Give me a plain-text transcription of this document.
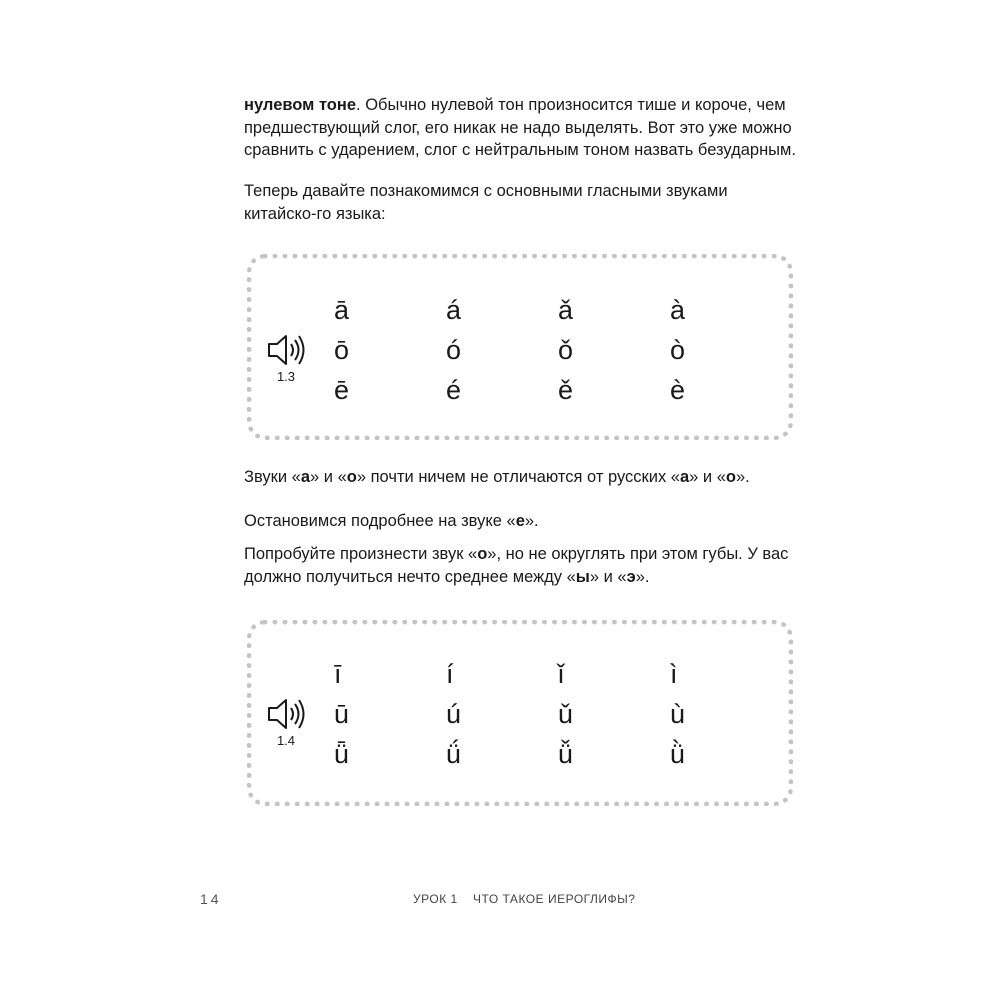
нулевом тоне. Обычно нулевой тон произносится тише и короче, чем предшествующий слог, его никак не надо выделять. Вот это уже можно сравнить с ударением, слог с нейтральным тоном назвать безударным.

Теперь давайте познакомимся с основными гласными звуками китайско-го языка:

1.3
ā	á	ǎ	à
ō	ó	ǒ	ò
ē	é	ě	è

Звуки «а» и «о» почти ничем не отличаются от русских «а» и «о».

Остановимся подробнее на звуке «е».

Попробуйте произнести звук «о», но не округлять при этом губы. У вас должно получиться нечто среднее между «ы» и «э».

1.4
ī	í	ǐ	ì
ū	ú	ǔ	ù
ǖ	ǘ	ǚ	ǜ
14	УРОК 1 ЧТО ТАКОЕ ИЕРОГЛИФЫ?
